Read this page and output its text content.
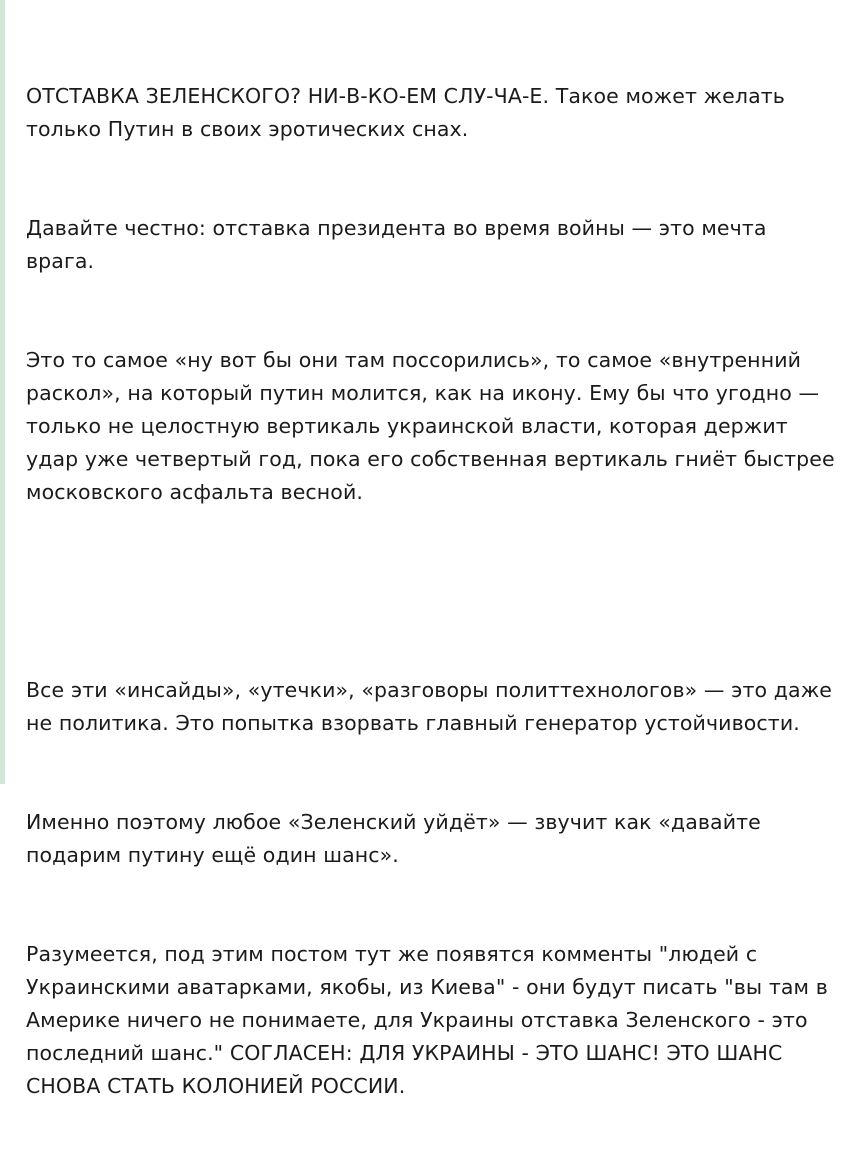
ОТСТАВКА ЗЕЛЕНСКОГО? НИ-В-КО-ЕМ СЛУ-ЧА-Е. Такое может желать только Путин в своих эротических снах.

Давайте честно: отставка президента во время войны — это мечта врага.

Это то самое «ну вот бы они там поссорились», то самое «внутренний раскол», на который путин молится, как на икону. Ему бы что угодно — только не целостную вертикаль украинской власти, которая держит удар уже четвертый год, пока его собственная вертикаль гниёт быстрее московского асфальта весной.

Все эти «инсайды», «утечки», «разговоры политтехнологов» — это даже не политика. Это попытка взорвать главный генератор устойчивости.

Именно поэтому любое «Зеленский уйдёт» — звучит как «давайте подарим путину ещё один шанс».

Разумеется, под этим постом тут же появятся комменты "людей с Украинскими аватарками, якобы, из Киева" - они будут писать "вы там в Америке ничего не понимаете, для Украины отставка Зеленского - это последний шанс." СОГЛАСЕН: ДЛЯ УКРАИНЫ - ЭТО ШАНС! ЭТО ШАНС СНОВА СТАТЬ КОЛОНИЕЙ РОССИИ.
